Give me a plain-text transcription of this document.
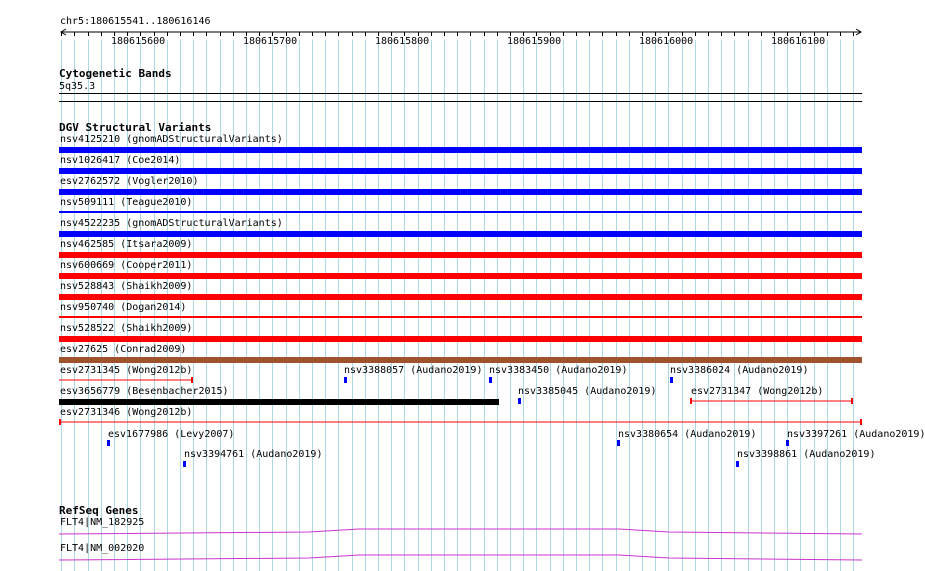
chr5:180615541..180616146
180615600	180615700	180615800	180615900	180616000	180616100
Cytogenetic Bands
5q35.3
DGV Structural Variants
nsv4125210 (gnomADStructuralVariants)
nsv1026417 (Coe2014)
esv2762572 (Vogler2010)
nsv509111 (Teague2010)
nsv4522235 (gnomADStructuralVariants)
nsv462585 (Itsara2009)
nsv600669 (Cooper2011)
nsv528843 (Shaikh2009)
nsv950740 (Dogan2014)
nsv528522 (Shaikh2009)
esv27625 (Conrad2009)
esv2731345 (Wong2012b)	nsv3388057 (Audano2019) nsv3383450 (Audano2019)	nsv3386024 (Audano2019)
esv3656779 (Besenbacher2015)	nsv3385045 (Audano2019)	esv2731347 (Wong2012b)
esv2731346 (Wong2012b)
esv1677986 (Levy2007)	nsv3380654 (Audano2019)	nsv3397261 (Audano2019)
nsv3394761 (Audano2019)	nsv3398861 (Audano2019)
RefSeq Genes
FLT4|NM_182925
FLT4|NM_002020
